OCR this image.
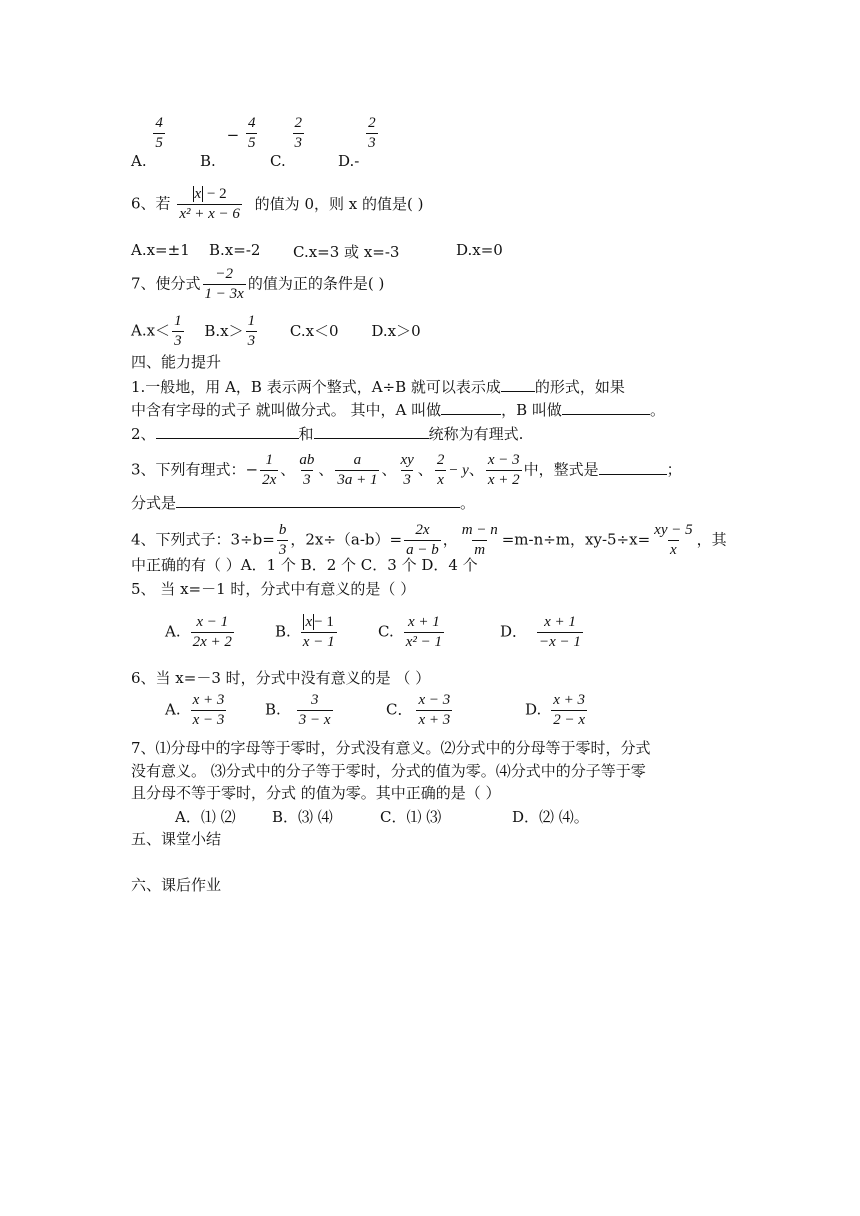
A.
$\frac{4}{5}$
B. − $\frac{4}{5}$
C.
$\frac{2}{3}$
D.-
$\frac{2}{3}$
6、若 $\frac{x - 2}{\text{x² + x − 6}}$ 的值为 0，则 x 的值是( )
A.x=±1 B.x=-2 C.x=3 或 x=-3	D.x=0
7、使分式 $\frac{-2}{1 - 3x}$ 的值为正的条件是( )
$A.x< \frac{1}{3} B.x> \frac{1}{3} C.x<0$ D.x＞0
四、能力提升
1.一般地，用 A，B 表示两个整式，A÷B 就可以表示成 的形式，如果
中含有字母的式子 就叫做分式。 其中，A 叫做	，B 叫做	。
2、	和	统称为有理式.
3、下列有理式：− $\frac{1}{2x}$ 、 $\frac{ab}{3}$ 、 $\frac{a}{3a + 1}$ 、 $\frac{xy}{3}$ 、 $\frac{2}{x} - y$、 $\frac{x - 3}{x + 2}$ 中，整式是	；
分式是	。
4、下列式子：$3\div b= \frac{b}{3}$ ，$2x\div(a-b)= \frac{2x}{a - b}$ ， $\frac{m - n}{m} =m-n\div m$，$xy-5\div x= \frac{xy - 5}{x}$ ，其
中正确的有（ ）A．1 个 B．2 个 C．3 个 D．4 个
5、 当 x=－1 时，分式中有意义的是（ ）
A. $\frac{x - 1}{2x + 2}$	B. $\frac{x - 1}{x - 1}$	C. $\frac{x + 1}{\text{x² − 1}}$	D． $\frac{x + 1}{-x - 1}$
6、当 x=－3 时，分式中没有意义的是 （ ）
A. $\frac{x + 3}{x - 3}$	B. $\frac{3}{3 - x}$	C． $\frac{x - 3}{x + 3}$	D. $\frac{x + 3}{2 - x}$
7、⑴分母中的字母等于零时，分式没有意义。⑵分式中的分母等于零时，分式
没有意义。 ⑶分式中的分子等于零时，分式的值为零。⑷分式中的分子等于零
且分母不等于零时，分式 的值为零。其中正确的是（ ）
A．⑴ ⑵ B．⑶ ⑷	C．⑴ ⑶	D．⑵ ⑷。
五、课堂小结
六、课后作业
